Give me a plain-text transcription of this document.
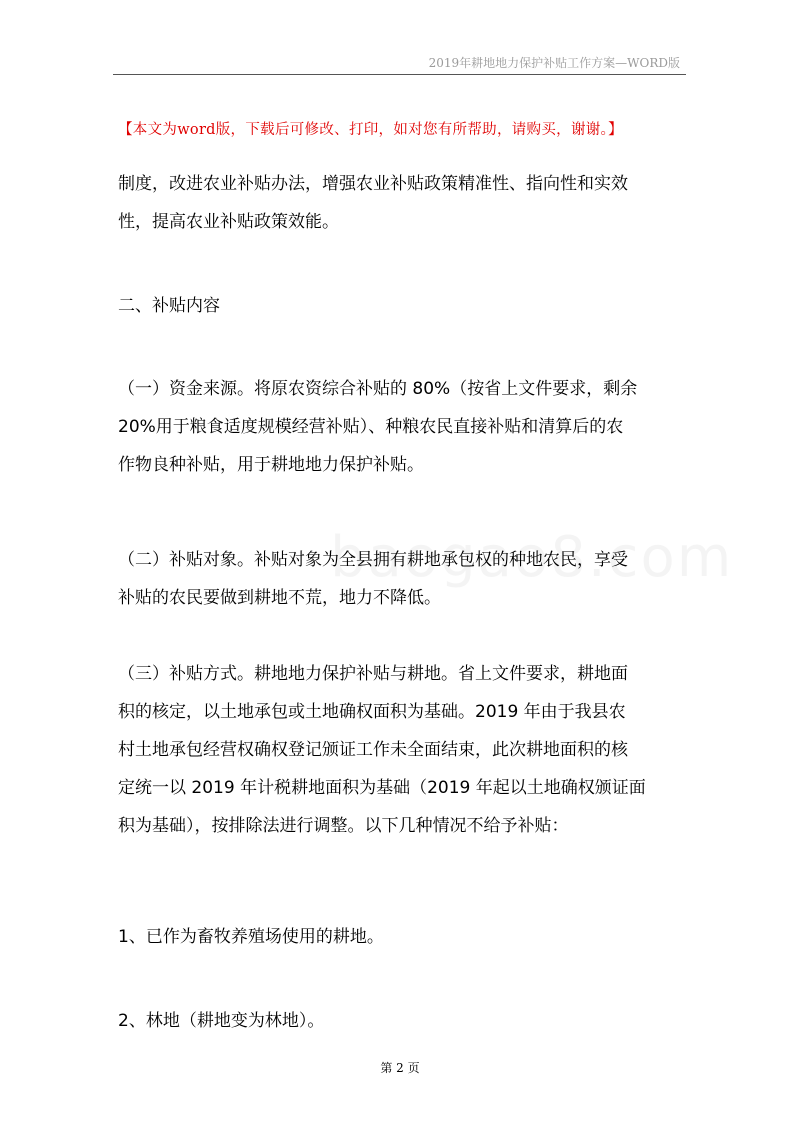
2019年耕地地力保护补贴工作方案—WORD版
【本文为word版，下载后可修改、打印，如对您有所帮助，请购买，谢谢。】
制度，改进农业补贴办法，增强农业补贴政策精准性、指向性和实效
性，提高农业补贴政策效能。
二、补贴内容
（一）资金来源。将原农资综合补贴的 80%（按省上文件要求，剩余
20%用于粮食适度规模经营补贴）、种粮农民直接补贴和清算后的农
作物良种补贴，用于耕地地力保护补贴。
（二）补贴对象。补贴对象为全县拥有耕地承包权的种地农民，享受
补贴的农民要做到耕地不荒，地力不降低。
（三）补贴方式。耕地地力保护补贴与耕地。省上文件要求，耕地面
积的核定，以土地承包或土地确权面积为基础。2019 年由于我县农
村土地承包经营权确权登记颁证工作未全面结束，此次耕地面积的核
定统一以 2019 年计税耕地面积为基础（2019 年起以土地确权颁证面
积为基础），按排除法进行调整。以下几种情况不给予补贴：
1、已作为畜牧养殖场使用的耕地。
2、林地（耕地变为林地）。
第 2 页
